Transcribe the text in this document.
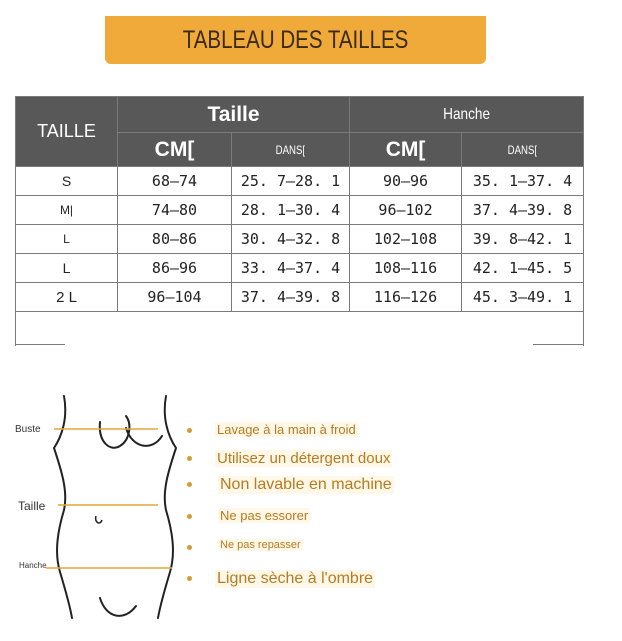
TABLEAU DES TAILLES
TAILLE	Taille		Hanche	
	CM[	DANS[	CM[	DANS[
S	68–74	25. 7–28. 1	90–96	35. 1–37. 4
M|	74–80	28. 1–30. 4	96–102	37. 4–39. 8
L	80–86	30. 4–32. 8	102–108	39. 8–42. 1
L	86–96	33. 4–37. 4	108–116	42. 1–45. 5
2 L	96–104	37. 4–39. 8	116–126	45. 3–49. 1

Buste
Taille
Hanche
Lavage à la main à froid
Utilisez un détergent doux
Non lavable en machine
Ne pas essorer
Ne pas repasser
Ligne sèche à l'ombre
